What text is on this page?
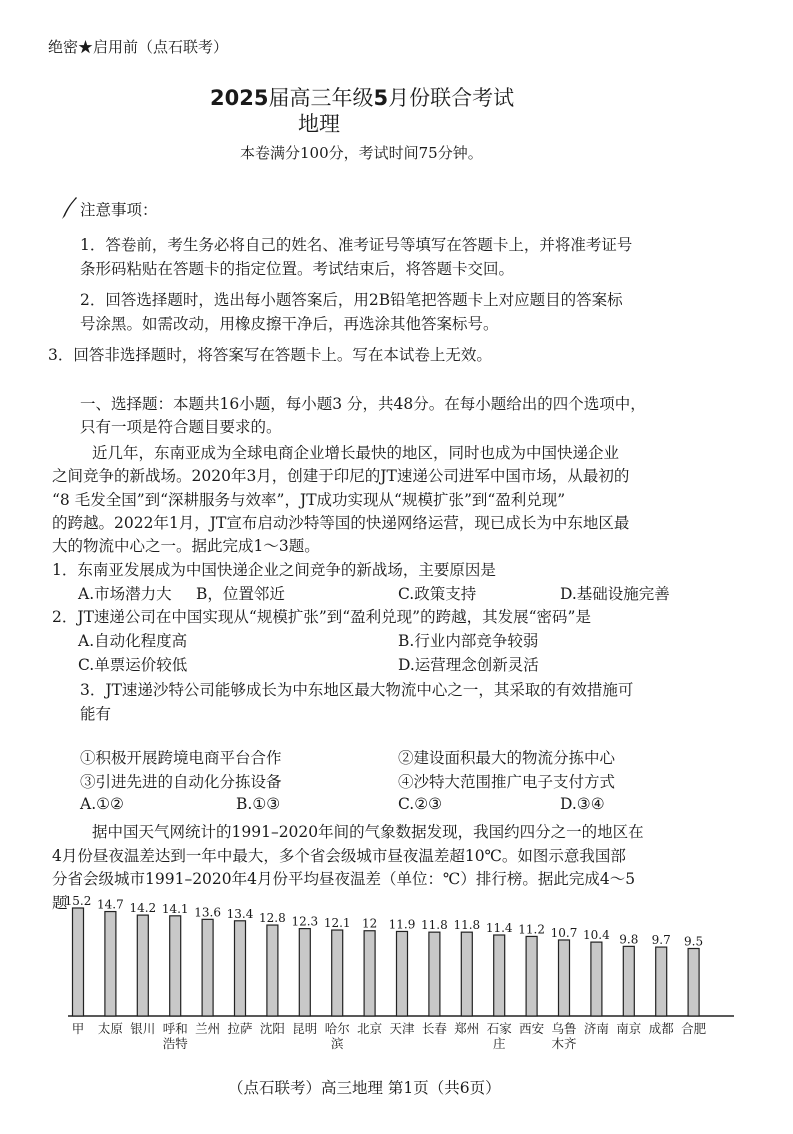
绝密★启用前（点石联考）
2025届高三年级5月份联合考试
地理
本卷满分100分，考试时间75分钟。
注意事项：
1．答卷前，考生务必将自己的姓名、准考证号等填写在答题卡上，并将准考证号
条形码粘贴在答题卡的指定位置。考试结束后，将答题卡交回。
2．回答选择题时，选出每小题答案后，用2B铅笔把答题卡上对应题目的答案标
号涂黑。如需改动，用橡皮擦干净后，再选涂其他答案标号。
3．回答非选择题时，将答案写在答题卡上。写在本试卷上无效。
一、选择题：本题共16小题，每小题3 分，共48分。在每小题给出的四个选项中，
只有一项是符合题目要求的。
近几年，东南亚成为全球电商企业增长最快的地区，同时也成为中国快递企业
之间竞争的新战场。2020年3月，创建于印尼的JT速递公司进军中国市场，从最初的
“8 毛发全国”到“深耕服务与效率”，JT成功实现从“规模扩张”到“盈利兑现”
的跨越。2022年1月，JT宣布启动沙特等国的快递网络运营，现已成长为中东地区最
大的物流中心之一。据此完成1～3题。
1．东南亚发展成为中国快递企业之间竞争的新战场，主要原因是
A.市场潜力大 B，位置邻近	C.政策支持	D.基础设施完善
2．JT速递公司在中国实现从“规模扩张”到“盈利兑现”的跨越，其发展“密码”是
A.自动化程度高	B.行业内部竞争较弱
C.单票运价较低	D.运营理念创新灵活
3．JT速递沙特公司能够成长为中东地区最大物流中心之一，其采取的有效措施可
能有
①积极开展跨境电商平台合作	②建设面积最大的物流分拣中心
③引进先进的自动化分拣设备	④沙特大范围推广电子支付方式
A.①②	B.①③	C.②③	D.③④
据中国天气网统计的1991–2020年间的气象数据发现，我国约四分之一的地区在
4月份昼夜温差达到一年中最大，多个省会级城市昼夜温差超10℃。如图示意我国部
分省会级城市1991–2020年4月份平均昼夜温差（单位：℃）排行榜。据此完成4～5
题
15.2
甲
14.7
太原
14.2
银川
14.1
呼和
浩特
13.6
兰州
13.4
拉萨
12.8
沈阳
12.3
昆明
12.1
哈尔
滨
12
北京
11.9
天津
11.8
长春
11.8
郑州
11.4
石家
庄
11.2
西安
10.7
乌鲁
木齐
10.4
济南
9.8
南京
9.7
成都
9.5
合肥
（点石联考）高三地理 第1页（共6页）
